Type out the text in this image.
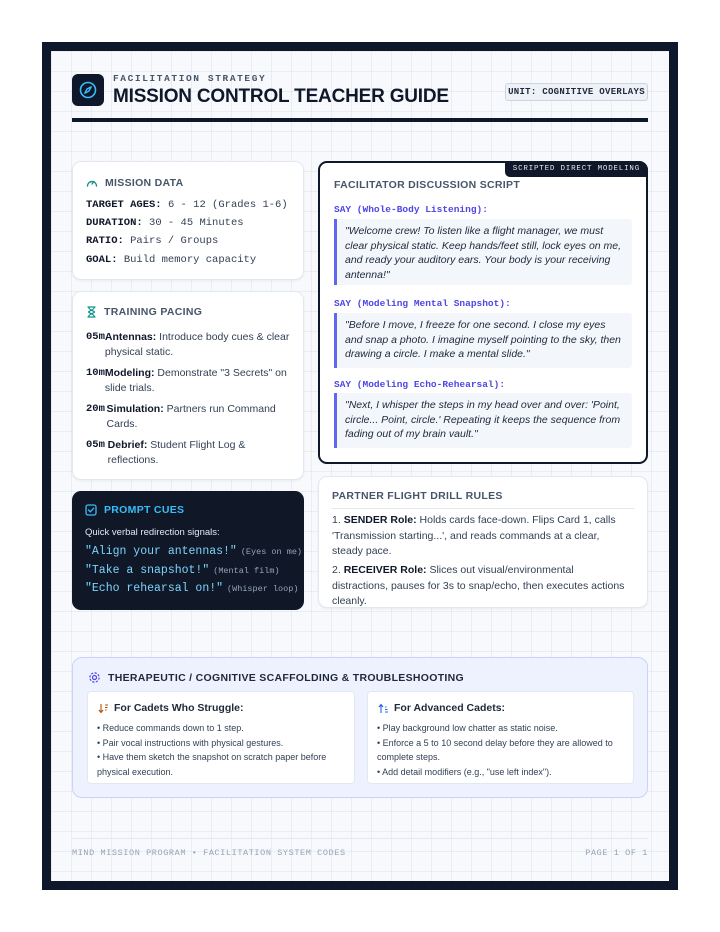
FACILITATION STRATEGY
MISSION CONTROL TEACHER GUIDE	UNIT: COGNITIVE OVERLAYS
MISSION DATA
TARGET AGES: 6 - 12 (Grades 1-6)
DURATION: 30 - 45 Minutes
RATIO: Pairs / Groups
GOAL: Build memory capacity
TRAINING PACING
05m Antennas: Introduce body cues & clear physical static.
10m Modeling: Demonstrate "3 Secrets" on slide trials.
20m Simulation: Partners run Command Cards.
05m Debrief: Student Flight Log & reflections.
PROMPT CUES
Quick verbal redirection signals:
"Align your antennas!" (Eyes on me)
"Take a snapshot!" (Mental film)
"Echo rehearsal on!" (Whisper loop)
SCRIPTED DIRECT MODELING
FACILITATOR DISCUSSION SCRIPT
SAY (Whole-Body Listening):
"Welcome crew! To listen like a flight manager, we must clear physical static. Keep hands/feet still, lock eyes on me, and ready your auditory ears. Your body is your receiving antenna!"
SAY (Modeling Mental Snapshot):
"Before I move, I freeze for one second. I close my eyes and snap a photo. I imagine myself pointing to the sky, then drawing a circle. I make a mental slide."
SAY (Modeling Echo-Rehearsal):
"Next, I whisper the steps in my head over and over: 'Point, circle... Point, circle.' Repeating it keeps the sequence from fading out of my brain vault."
PARTNER FLIGHT DRILL RULES

1. SENDER Role: Holds cards face-down. Flips Card 1, calls 'Transmission starting...', and reads commands at a clear, steady pace.

2. RECEIVER Role: Slices out visual/environmental distractions, pauses for 3s to snap/echo, then executes actions cleanly.

THERAPEUTIC / COGNITIVE SCAFFOLDING & TROUBLESHOOTING
For Cadets Who Struggle:
• Reduce commands down to 1 step.
• Pair vocal instructions with physical gestures.
• Have them sketch the snapshot on scratch paper before physical execution.
For Advanced Cadets:
• Play background low chatter as static noise.
• Enforce a 5 to 10 second delay before they are allowed to complete steps.
• Add detail modifiers (e.g., "use left index").
MIND MISSION PROGRAM • FACILITATION SYSTEM CODES	PAGE 1 OF 1
